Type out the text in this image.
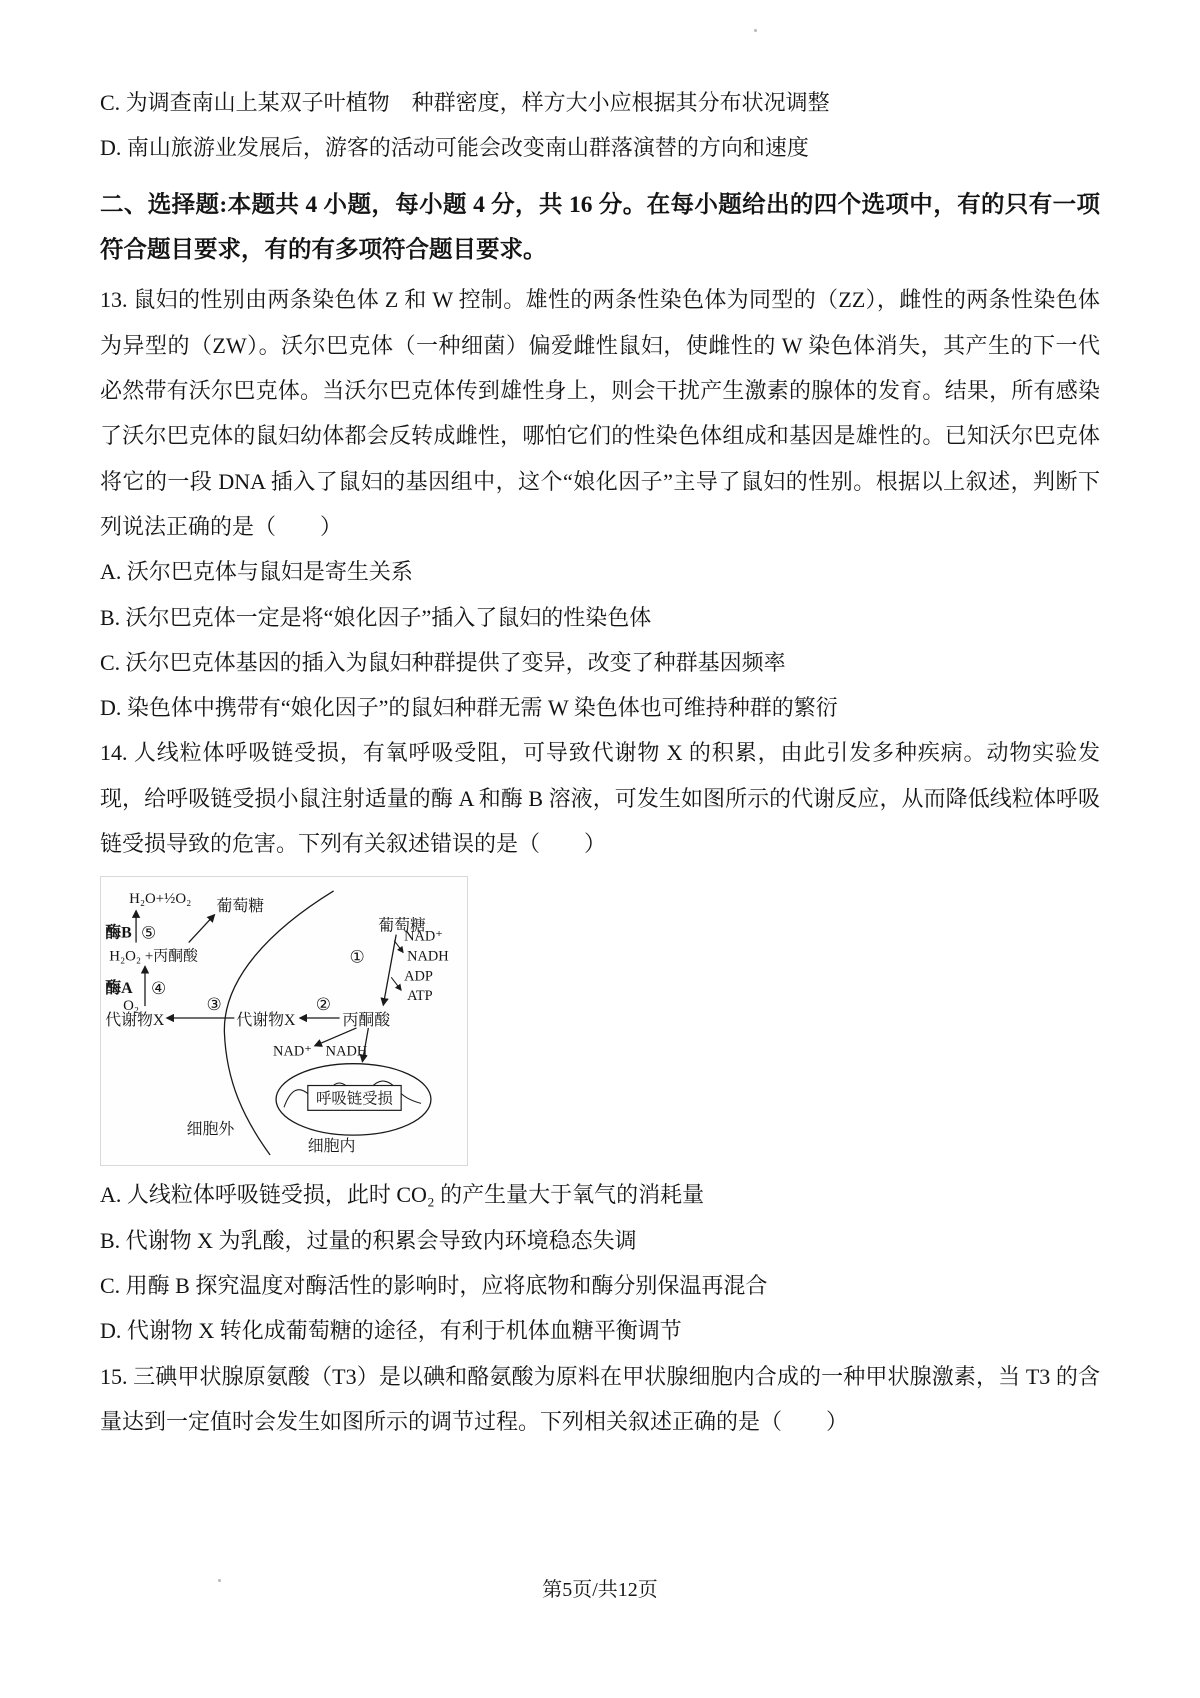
C. 为调查南山上某双子叶植物　种群密度，样方大小应根据其分布状况调整

D. 南山旅游业发展后，游客的活动可能会改变南山群落演替的方向和速度

二、选择题:本题共 4 小题，每小题 4 分，共 16 分。在每小题给出的四个选项中，有的只有一项符合题目要求，有的有多项符合题目要求。

13. 鼠妇的性别由两条染色体 Z 和 W 控制。雄性的两条性染色体为同型的（ZZ），雌性的两条性染色体为异型的（ZW）。沃尔巴克体（一种细菌）偏爱雌性鼠妇，使雌性的 W 染色体消失，其产生的下一代必然带有沃尔巴克体。当沃尔巴克体传到雄性身上，则会干扰产生激素的腺体的发育。结果，所有感染了沃尔巴克体的鼠妇幼体都会反转成雌性，哪怕它们的性染色体组成和基因是雄性的。已知沃尔巴克体将它的一段 DNA 插入了鼠妇的基因组中，这个“娘化因子”主导了鼠妇的性别。根据以上叙述，判断下列说法正确的是（　　）

A. 沃尔巴克体与鼠妇是寄生关系

B. 沃尔巴克体一定是将“娘化因子”插入了鼠妇的性染色体

C. 沃尔巴克体基因的插入为鼠妇种群提供了变异，改变了种群基因频率

D. 染色体中携带有“娘化因子”的鼠妇种群无需 W 染色体也可维持种群的繁衍

14. 人线粒体呼吸链受损，有氧呼吸受阻，可导致代谢物 X 的积累，由此引发多种疾病。动物实验发现，给呼吸链受损小鼠注射适量的酶 A 和酶 B 溶液，可发生如图所示的代谢反应，从而降低线粒体呼吸链受损导致的危害。下列有关叙述错误的是（　　）

呼吸链受损
H₂O+½O₂ 葡萄糖
酶B ⑤
H₂O₂ +丙酮酸
酶A ④
O₂
代谢物X
③
代谢物X
②
丙酮酸
葡萄糖
①
NAD⁺
NADH
ADP
ATP
NAD⁺ NADH
细胞外
细胞内

A. 人线粒体呼吸链受损，此时 CO₂ 的产生量大于氧气的消耗量

B. 代谢物 X 为乳酸，过量的积累会导致内环境稳态失调

C. 用酶 B 探究温度对酶活性的影响时，应将底物和酶分别保温再混合

D. 代谢物 X 转化成葡萄糖的途径，有利于机体血糖平衡调节

15. 三碘甲状腺原氨酸（T3）是以碘和酪氨酸为原料在甲状腺细胞内合成的一种甲状腺激素，当 T3 的含量达到一定值时会发生如图所示的调节过程。下列相关叙述正确的是（　　）

第5页/共12页
